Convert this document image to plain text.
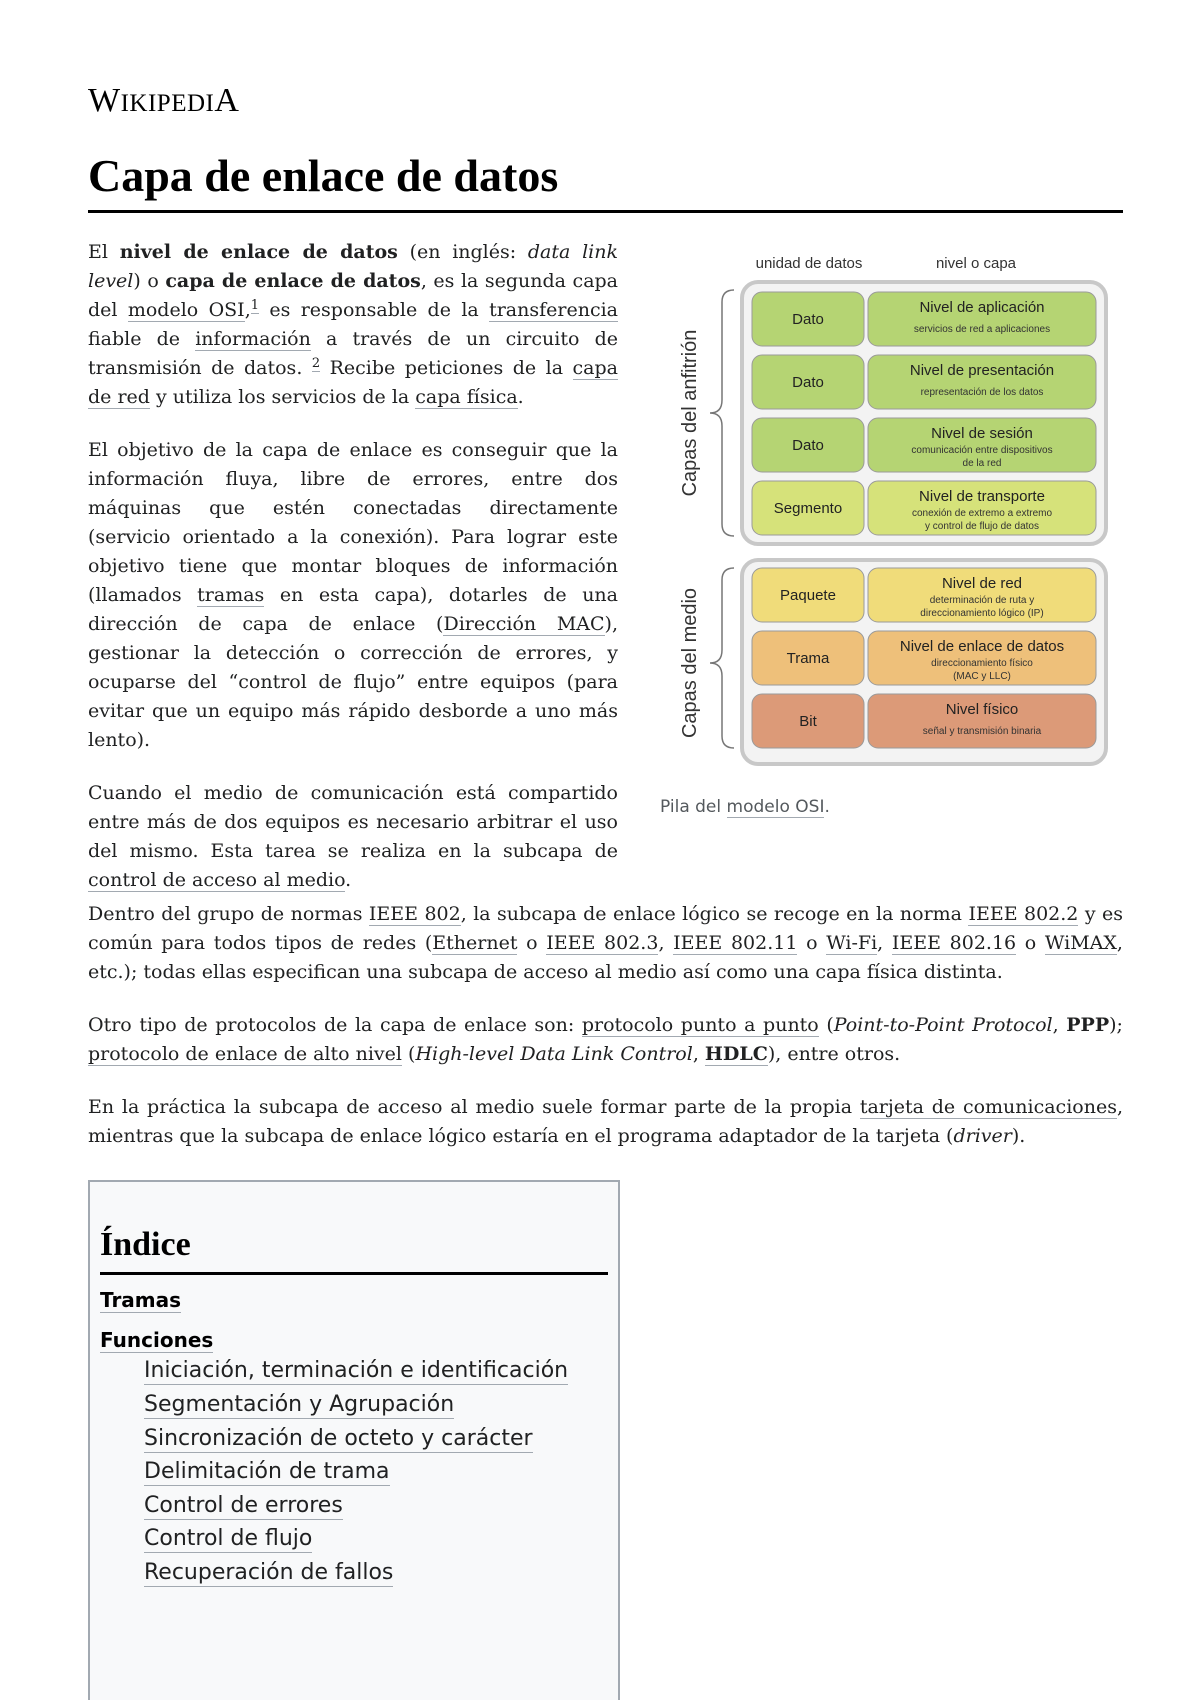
WIKIPEDIA
Capa de enlace de datos

El nivel de enlace de datos (en inglés: data link level) o capa de enlace de datos, es la segunda capa del modelo OSI,$^1$ es responsable de la transferencia fiable de información a través de un circuito de transmisión de datos. $^2$ Recibe peticiones de la capa de red y utiliza los servicios de la capa física.

El objetivo de la capa de enlace es conseguir que la información fluya, libre de errores, entre dos máquinas que estén conectadas directamente (servicio orientado a la conexión). Para lograr este objetivo tiene que montar bloques de información (llamados tramas en esta capa), dotarles de una dirección de capa de enlace (Dirección MAC), gestionar la detección o corrección de errores, y ocuparse del “control de flujo” entre equipos (para evitar que un equipo más rápido desborde a uno más lento).

Cuando el medio de comunicación está compartido entre más de dos equipos es necesario arbitrar el uso del mismo. Esta tarea se realiza en la subcapa de control de acceso al medio.

unidad de datos	nivel o capa
Dato
Nivel de aplicación
servicios de red a aplicaciones
Dato
Nivel de presentación
representación de los datos
Dato
Nivel de sesión
comunicación entre dispositivos
de la red
Segmento
Nivel de transporte
conexión de extremo a extremo
y control de flujo de datos
Paquete
Nivel de red
determinación de ruta y
direccionamiento lógico (IP)
Trama
Nivel de enlace de datos
direccionamiento físico
(MAC y LLC)
Bit
Nivel físico
señal y transmisión binaria
Capas del anfitrión
Capas del medio
Pila del modelo OSI.

Dentro del grupo de normas IEEE 802, la subcapa de enlace lógico se recoge en la norma IEEE 802.2 y es común para todos tipos de redes (Ethernet o IEEE 802.3, IEEE 802.11 o Wi-Fi, IEEE 802.16 o WiMAX, etc.); todas ellas especifican una subcapa de acceso al medio así como una capa física distinta.

Otro tipo de protocolos de la capa de enlace son: protocolo punto a punto (Point-to-Point Protocol, PPP); protocolo de enlace de alto nivel (High-level Data Link Control, HDLC), entre otros.

En la práctica la subcapa de acceso al medio suele formar parte de la propia tarjeta de comunicaciones, mientras que la subcapa de enlace lógico estaría en el programa adaptador de la tarjeta (driver).

Índice
Tramas
Funciones
Iniciación, terminación e identificación
Segmentación y Agrupación
Sincronización de octeto y carácter
Delimitación de trama
Control de errores
Control de flujo
Recuperación de fallos
